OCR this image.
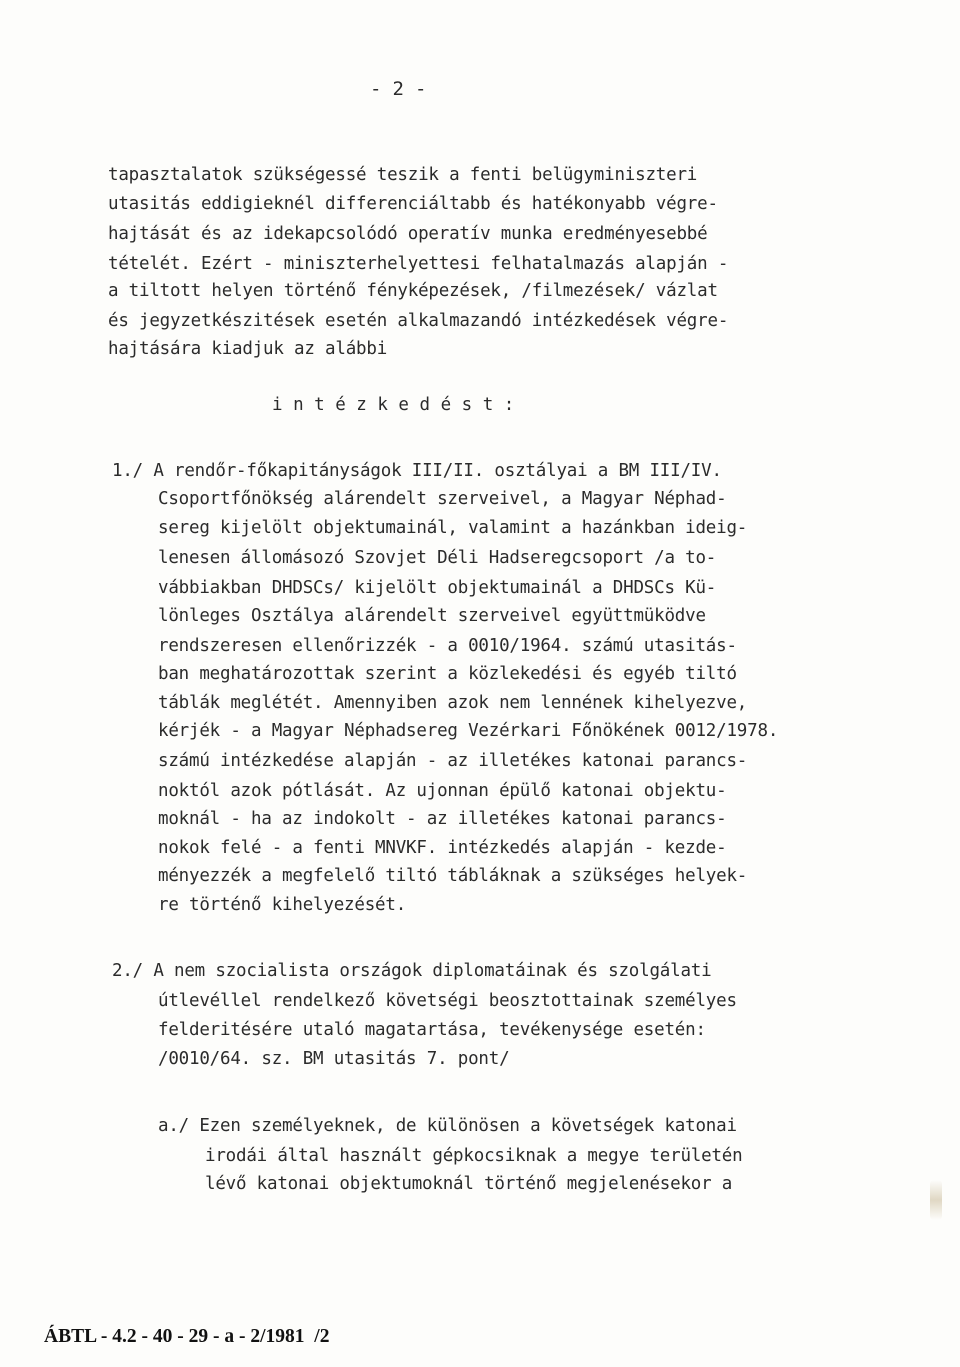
- 2 -
tapasztalatok szükségessé teszik a fenti belügyminiszteri
utasitás eddigieknél differenciáltabb és hatékonyabb végre-
hajtását és az idekapcsolódó operatív munka eredményesebbé
tételét. Ezért - miniszterhelyettesi felhatalmazás alapján -
a tiltott helyen történő fényképezések, /filmezések/ vázlat
és jegyzetkészitések esetén alkalmazandó intézkedések végre-
hajtására kiadjuk az alábbi
i n t é z k e d é s t :
1./ A rendőr-főkapitányságok III/II. osztályai a BM III/IV.
Csoportfőnökség alárendelt szerveivel, a Magyar Néphad-
sereg kijelölt objektumainál, valamint a hazánkban ideig-
lenesen állomásozó Szovjet Déli Hadseregcsoport /a to-
vábbiakban DHDSCs/ kijelölt objektumainál a DHDSCs Kü-
lönleges Osztálya alárendelt szerveivel együttmüködve
rendszeresen ellenőrizzék - a 0010/1964. számú utasitás-
ban meghatározottak szerint a közlekedési és egyéb tiltó
táblák meglétét. Amennyiben azok nem lennének kihelyezve,
kérjék - a Magyar Néphadsereg Vezérkari Főnökének 0012/1978.
számú intézkedése alapján - az illetékes katonai parancs-
noktól azok pótlását. Az ujonnan épülő katonai objektu-
moknál - ha az indokolt - az illetékes katonai parancs-
nokok felé - a fenti MNVKF. intézkedés alapján - kezde-
ményezzék a megfelelő tiltó tábláknak a szükséges helyek-
re történő kihelyezését.
2./ A nem szocialista országok diplomatáinak és szolgálati
útlevéllel rendelkező követségi beosztottainak személyes
felderitésére utaló magatartása, tevékenysége esetén:
/0010/64. sz. BM utasitás 7. pont/
a./ Ezen személyeknek, de különösen a követségek katonai
irodái által használt gépkocsiknak a megye területén
lévő katonai objektumoknál történő megjelenésekor a
ÁBTL - 4.2 - 40 - 29 - a - 2/1981  /2
